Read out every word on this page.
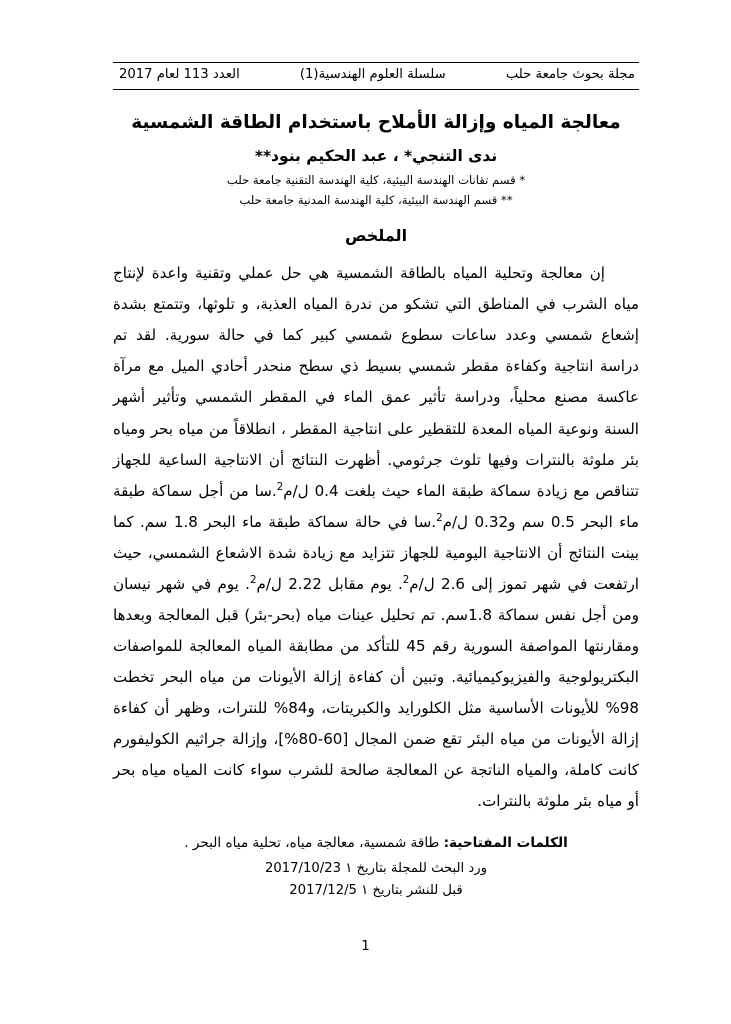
مجلة بحوث جامعة حلب
سلسلة العلوم الهندسية(1)
العدد 113 لعام 2017
معالجة المياه وإزالة الأملاح باستخدام الطاقة الشمسية
ندى التنجي* ، عبد الحكيم بنود**
* قسم تقانات الهندسة البيئية، كلية الهندسة التقنية جامعة حلب
** قسم الهندسة البيئية، كلية الهندسة المدنية جامعة حلب
الملخص

إن معالجة وتحلية المياه بالطاقة الشمسية هي حل عملي وتقنية واعدة لإنتاج مياه الشرب في المناطق التي تشكو من ندرة المياه العذبة، و تلوثها، وتتمتع بشدة إشعاع شمسي وعدد ساعات سطوع شمسي كبير كما في حالة سورية. لقد تم دراسة انتاجية وكفاءة مقطر شمسي بسيط ذي سطح منحدر أحادي الميل مع مرآة عاكسة مصنع محلياً، ودراسة تأثير عمق الماء في المقطر الشمسي وتأثير أشهر السنة ونوعية المياه المعدة للتقطير على انتاجية المقطر ، انطلاقاً من مياه بحر ومياه بئر ملوثة بالنترات وفيها تلوث جرثومي. أظهرت النتائج أن الانتاجية الساعية للجهاز تتناقص مع زيادة سماكة طبقة الماء حيث بلغت 0.4 ل/م$^2$.سا من أجل سماكة طبقة ماء البحر 0.5 سم و0.32 ل/م$^2$.سا في حالة سماكة طبقة ماء البحر 1.8 سم. كما بينت النتائج أن الانتاجية اليومية للجهاز تتزايد مع زيادة شدة الاشعاع الشمسي، حيث ارتفعت في شهر تموز إلى 2.6 ل/م$^2$. يوم مقابل 2.22 ل/م$^2$. يوم في شهر نيسان ومن أجل نفس سماكة 1.8سم. تم تحليل عينات مياه (بحر-بئر) قبل المعالجة وبعدها ومقارنتها المواصفة السورية رقم 45 للتأكد من مطابقة المياه المعالجة للمواصفات البكتريولوجية والفيزيوكيميائية. وتبين أن كفاءة إزالة الأيونات من مياه البحر تخطت 98% للأيونات الأساسية مثل الكلورايد والكبريتات، و84% للنترات، وظهر أن كفاءة إزالة الأيونات من مياه البئر تقع ضمن المجال [60-80%]، وإزالة جراثيم الكوليفورم كانت كاملة، والمياه الناتجة عن المعالجة صالحة للشرب سواء كانت المياه مياه بحر أو مياه بئر ملوثة بالنترات.

الكلمات المفتاحية: طاقة شمسية، معالجة مياه، تحلية مياه البحر .
ورد البحث للمجلة بتاريخ ١ 2017/10/23
قبل للنشر بتاريخ ١ 2017/12/5
1
